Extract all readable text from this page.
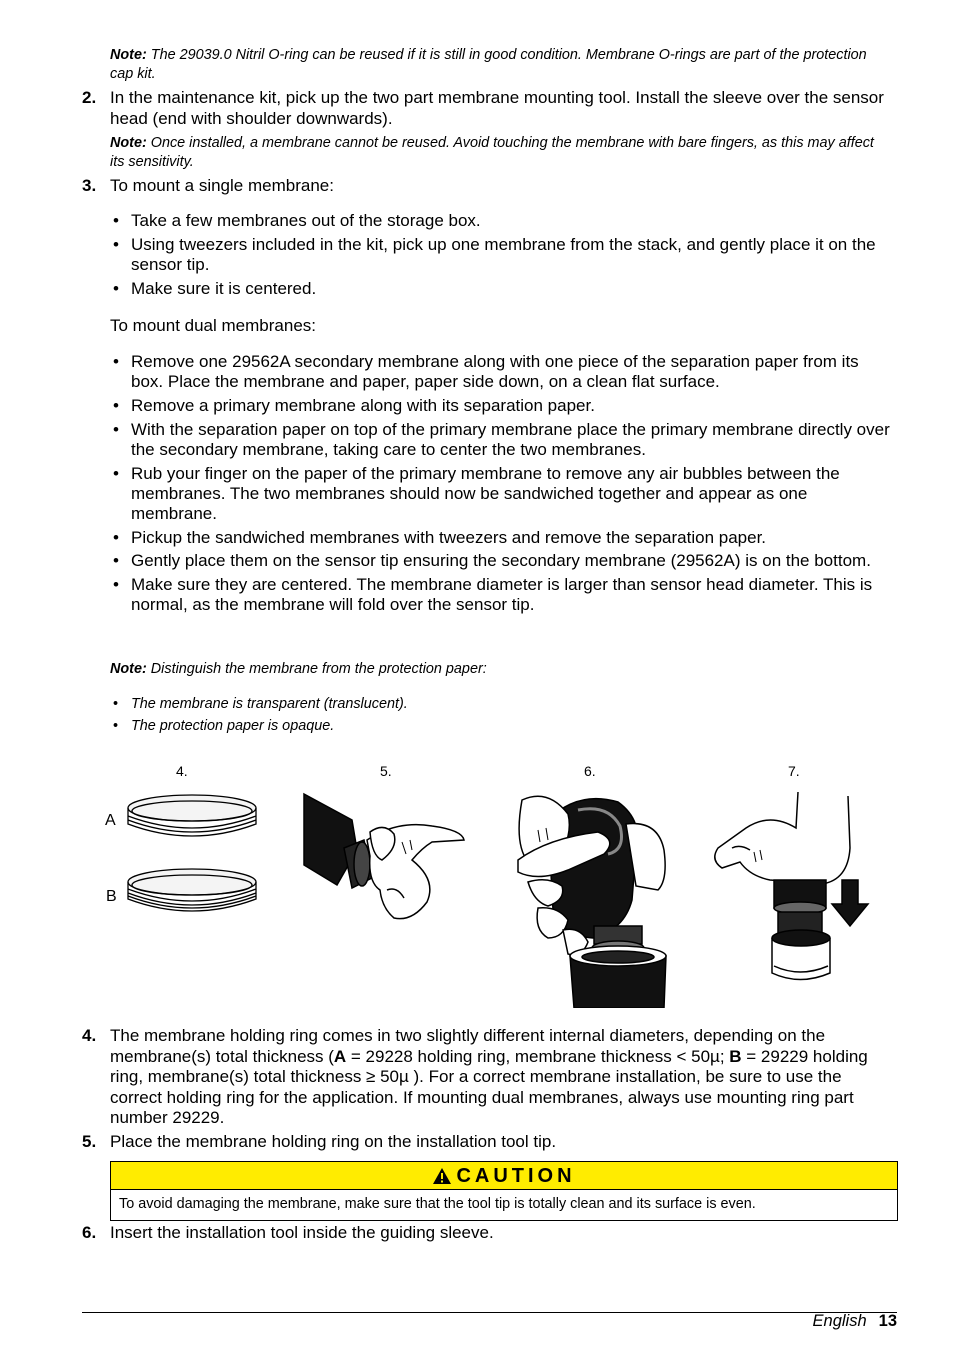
Note: The 29039.0 Nitril O-ring can be reused if it is still in good condition. Membrane O-rings are part of the protection cap kit.
2. In the maintenance kit, pick up the two part membrane mounting tool. Install the sleeve over the sensor head (end with shoulder downwards).
Note: Once installed, a membrane cannot be reused. Avoid touching the membrane with bare fingers, as this may affect its sensitivity.
3. To mount a single membrane:
• Take a few membranes out of the storage box.
• Using tweezers included in the kit, pick up one membrane from the stack, and gently place it on the sensor tip.
• Make sure it is centered.
To mount dual membranes:
• Remove one 29562A secondary membrane along with one piece of the separation paper from its box. Place the membrane and paper, paper side down, on a clean flat surface.
• Remove a primary membrane along with its separation paper.
• With the separation paper on top of the primary membrane place the primary membrane directly over the secondary membrane, taking care to center the two membranes.
• Rub your finger on the paper of the primary membrane to remove any air bubbles between the membranes. The two membranes should now be sandwiched together and appear as one membrane.
• Pickup the sandwiched membranes with tweezers and remove the separation paper.
• Gently place them on the sensor tip ensuring the secondary membrane (29562A) is on the bottom.
• Make sure they are centered. The membrane diameter is larger than sensor head diameter. This is normal, as the membrane will fold over the sensor tip.
Note: Distinguish the membrane from the protection paper:
• The membrane is transparent (translucent).
• The protection paper is opaque.
4.	5.	6.	7.
A
B
4. The membrane holding ring comes in two slightly different internal diameters, depending on the membrane(s) total thickness (A = 29228 holding ring, membrane thickness < 50µ; B = 29229 holding ring, membrane(s) total thickness ≥ 50µ ). For a correct membrane installation, be sure to use the correct holding ring for the application. If mounting dual membranes, always use mounting ring part number 29229.
5. Place the membrane holding ring on the installation tool tip.
CAUTION
To avoid damaging the membrane, make sure that the tool tip is totally clean and its surface is even.
6. Insert the installation tool inside the guiding sleeve.
English 13
